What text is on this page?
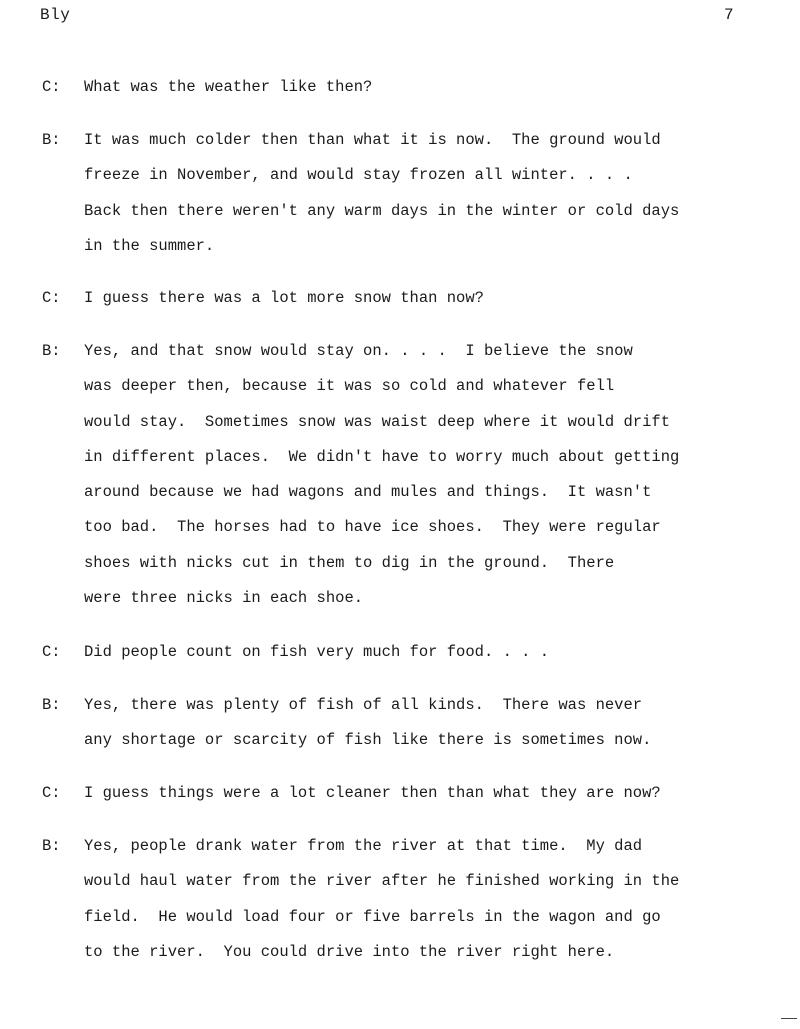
Bly	7
C: What was the weather like then?
B: It was much colder then than what it is now.  The ground would
freeze in November, and would stay frozen all winter. . . .
Back then there weren't any warm days in the winter or cold days
in the summer.
C: I guess there was a lot more snow than now?
B: Yes, and that snow would stay on. . . .  I believe the snow
was deeper then, because it was so cold and whatever fell
would stay.  Sometimes snow was waist deep where it would drift
in different places.  We didn't have to worry much about getting
around because we had wagons and mules and things.  It wasn't
too bad.  The horses had to have ice shoes.  They were regular
shoes with nicks cut in them to dig in the ground.  There
were three nicks in each shoe.
C: Did people count on fish very much for food. . . .
B: Yes, there was plenty of fish of all kinds.  There was never
any shortage or scarcity of fish like there is sometimes now.
C: I guess things were a lot cleaner then than what they are now?
B: Yes, people drank water from the river at that time.  My dad
would haul water from the river after he finished working in the
field.  He would load four or five barrels in the wagon and go
to the river.  You could drive into the river right here.
